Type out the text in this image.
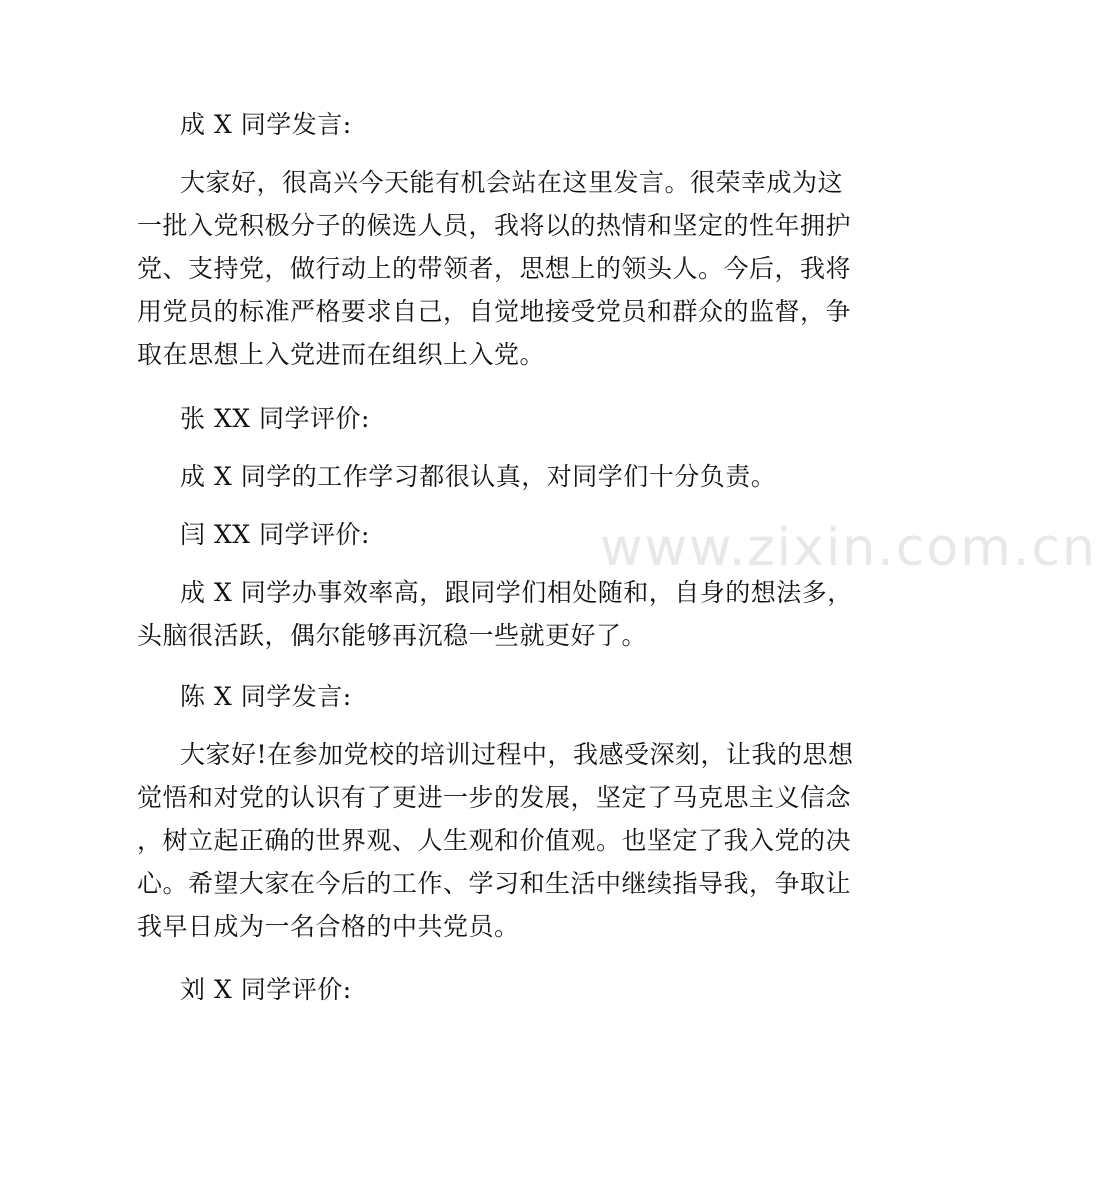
www.zixin.com.cn
成 X 同学发言:
大家好，很高兴今天能有机会站在这里发言。很荣幸成为这
一批入党积极分子的候选人员，我将以的热情和坚定的性年拥护
党、支持党，做行动上的带领者，思想上的领头人。今后，我将
用党员的标准严格要求自己，自觉地接受党员和群众的监督，争
取在思想上入党进而在组织上入党。
张 XX 同学评价:
成 X 同学的工作学习都很认真，对同学们十分负责。
闫 XX 同学评价:
成 X 同学办事效率高，跟同学们相处随和，自身的想法多，
头脑很活跃，偶尔能够再沉稳一些就更好了。
陈 X 同学发言:
大家好!在参加党校的培训过程中，我感受深刻，让我的思想
觉悟和对党的认识有了更进一步的发展，坚定了马克思主义信念
，树立起正确的世界观、人生观和价值观。也坚定了我入党的决
心。希望大家在今后的工作、学习和生活中继续指导我，争取让
我早日成为一名合格的中共党员。
刘 X 同学评价:
